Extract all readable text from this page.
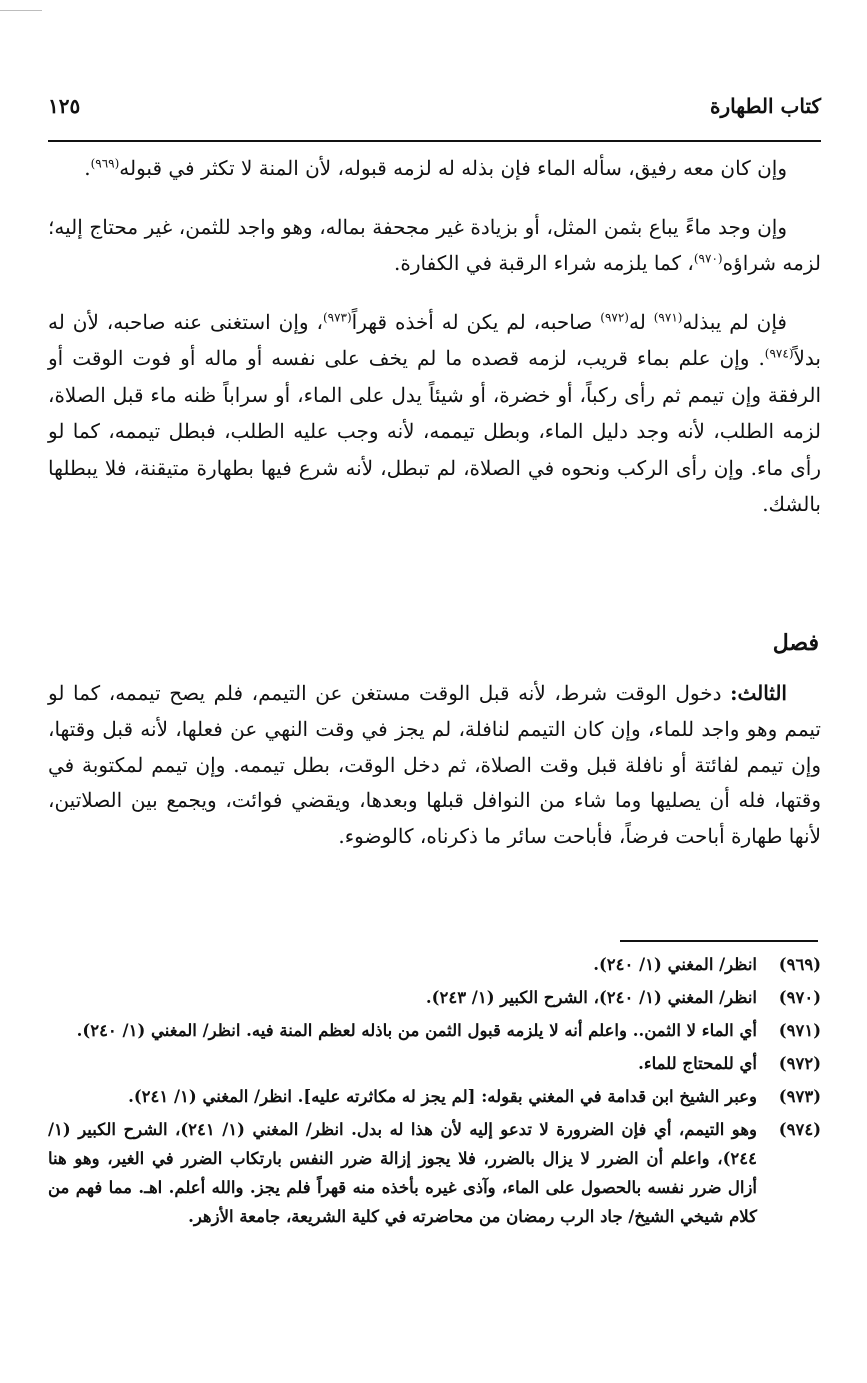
كتاب الطهارة
١٢٥

وإن كان معه رفيق، سأله الماء فإن بذله له لزمه قبوله، لأن المنة لا تكثر في قبوله$^{(٩٦٩)}$.

وإن وجد ماءً يباع بثمن المثل، أو بزيادة غير مجحفة بماله، وهو واجد للثمن، غير محتاج إليه؛ لزمه شراؤه$^{(٩٧٠)}$، كما يلزمه شراء الرقبة في الكفارة.

فإن لم يبذله$^{(٩٧١)}$ له$^{(٩٧٢)}$ صاحبه، لم يكن له أخذه قهراً$^{(٩٧٣)}$، وإن استغنى عنه صاحبه، لأن له بدلاً$^{(٩٧٤)}$. وإن علم بماء قريب، لزمه قصده ما لم يخف على نفسه أو ماله أو فوت الوقت أو الرفقة وإن تيمم ثم رأى ركباً، أو خضرة، أو شيئاً يدل على الماء، أو سراباً ظنه ماء قبل الصلاة، لزمه الطلب، لأنه وجد دليل الماء، وبطل تيممه، لأنه وجب عليه الطلب، فبطل تيممه، كما لو رأى ماء. وإن رأى الركب ونحوه في الصلاة، لم تبطل، لأنه شرع فيها بطهارة متيقنة، فلا يبطلها بالشك.

فصل

الثالث: دخول الوقت شرط، لأنه قبل الوقت مستغن عن التيمم، فلم يصح تيممه، كما لو تيمم وهو واجد للماء، وإن كان التيمم لنافلة، لم يجز في وقت النهي عن فعلها، لأنه قبل وقتها، وإن تيمم لفائتة أو نافلة قبل وقت الصلاة، ثم دخل الوقت، بطل تيممه. وإن تيمم لمكتوبة في وقتها، فله أن يصليها وما شاء من النوافل قبلها وبعدها، ويقضي فوائت، ويجمع بين الصلاتين، لأنها طهارة أباحت فرضاً، فأباحت سائر ما ذكرناه، كالوضوء.

(٩٦٩)
انظر/ المغني (١/ ٢٤٠).
(٩٧٠)
انظر/ المغني (١/ ٢٤٠)، الشرح الكبير (١/ ٢٤٣).
(٩٧١)
أي الماء لا الثمن.. واعلم أنه لا يلزمه قبول الثمن من باذله لعظم المنة فيه. انظر/ المغني (١/ ٢٤٠).
(٩٧٢)
أي للمحتاج للماء.
(٩٧٣)
وعبر الشيخ ابن قدامة في المغني بقوله: [لم يجز له مكاثرته عليه]. انظر/ المغني (١/ ٢٤١).
(٩٧٤)
وهو التيمم، أي فإن الضرورة لا تدعو إليه لأن هذا له بدل. انظر/ المغني (١/ ٢٤١)، الشرح الكبير (١/ ٢٤٤)، واعلم أن الضرر لا يزال بالضرر، فلا يجوز إزالة ضرر النفس بارتكاب الضرر في الغير، وهو هنا أزال ضرر نفسه بالحصول على الماء، وآذى غيره بأخذه منه قهراً فلم يجز. والله أعلم. اهـ. مما فهم من كلام شيخي الشيخ/ جاد الرب رمضان من محاضرته في كلية الشريعة، جامعة الأزهر.
